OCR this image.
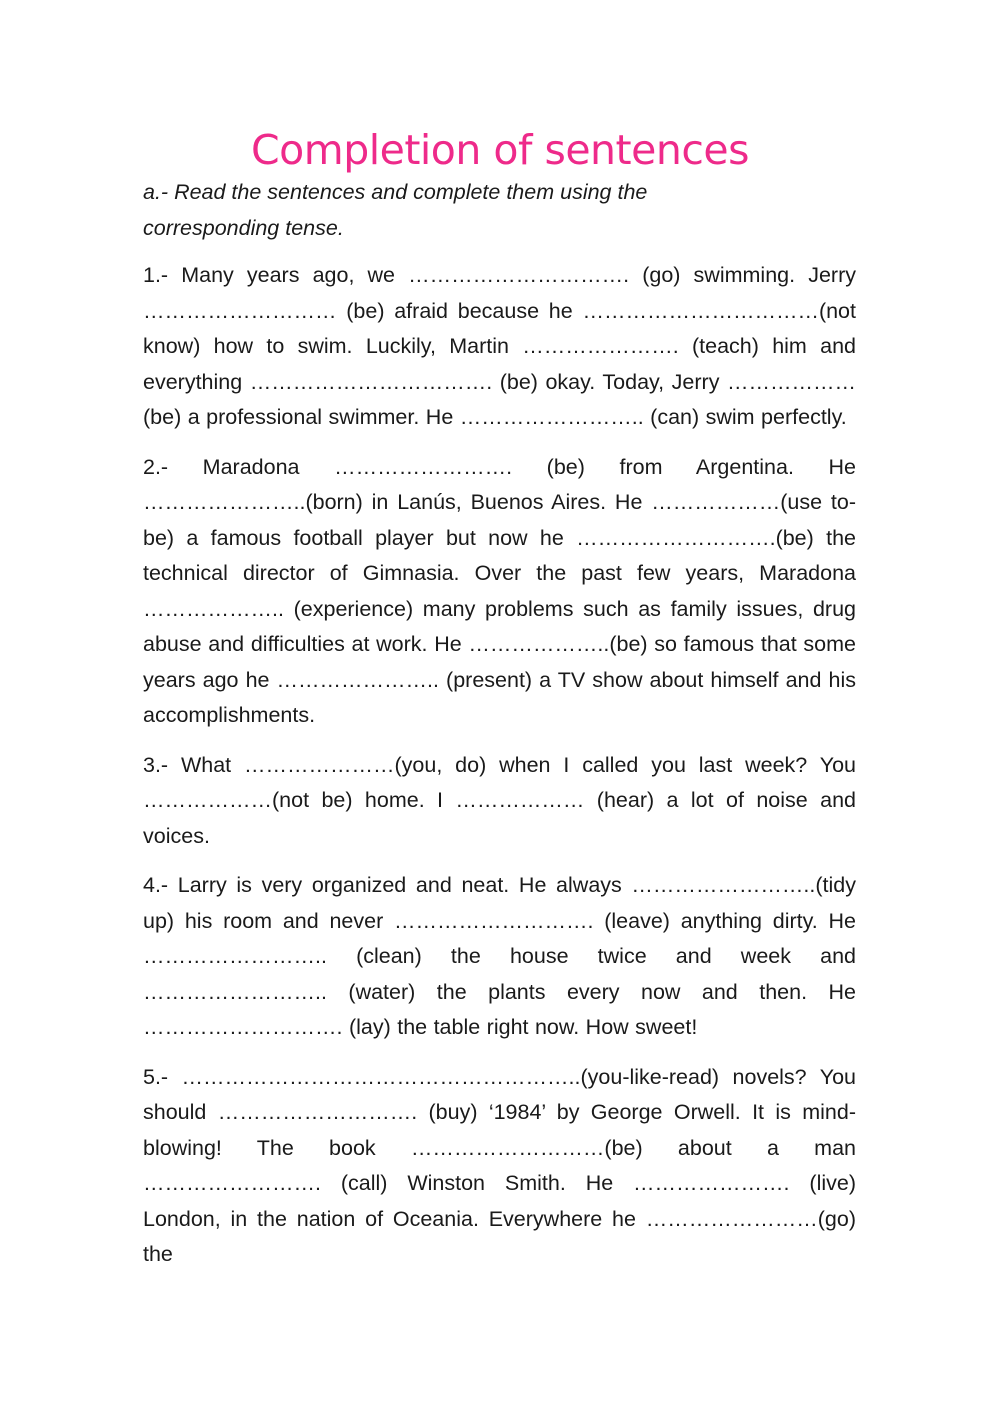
Completion of sentences

a.- Read the sentences and complete them using the corresponding tense.

1.- Many years ago, we …………………………. (go) swimming. Jerry ……………………… (be) afraid because he ……………………………(not know) how to swim. Luckily, Martin …………………. (teach) him and everything ……………………………. (be) okay. Today, Jerry ……………… (be) a professional swimmer. He …………………….. (can) swim perfectly.

2.- Maradona ……………………. (be) from Argentina. He …………………..(born) in Lanús, Buenos Aires. He ………………(use to-be) a famous football player but now he ……………………….(be) the technical director of Gimnasia. Over the past few years, Maradona ……………….. (experience) many problems such as family issues, drug abuse and difficulties at work. He ………………..(be) so famous that some years ago he ………………….. (present) a TV show about himself and his accomplishments.

3.- What …………………(you, do) when I called you last week? You ………………(not be) home. I ……………… (hear) a lot of noise and voices.

4.- Larry is very organized and neat. He always ……………………..(tidy up) his room and never ………………………. (leave) anything dirty. He …………………….. (clean) the house twice and week and …………………….. (water) the plants every now and then. He ………………………. (lay) the table right now. How sweet!

5.- ………………………………………………..(you-like-read) novels? You should ………………………. (buy) ‘1984’ by George Orwell. It is mind-blowing! The book ………………………(be) about a man ……………………. (call) Winston Smith. He …………………. (live) London, in the nation of Oceania. Everywhere he ……………………(go) the
